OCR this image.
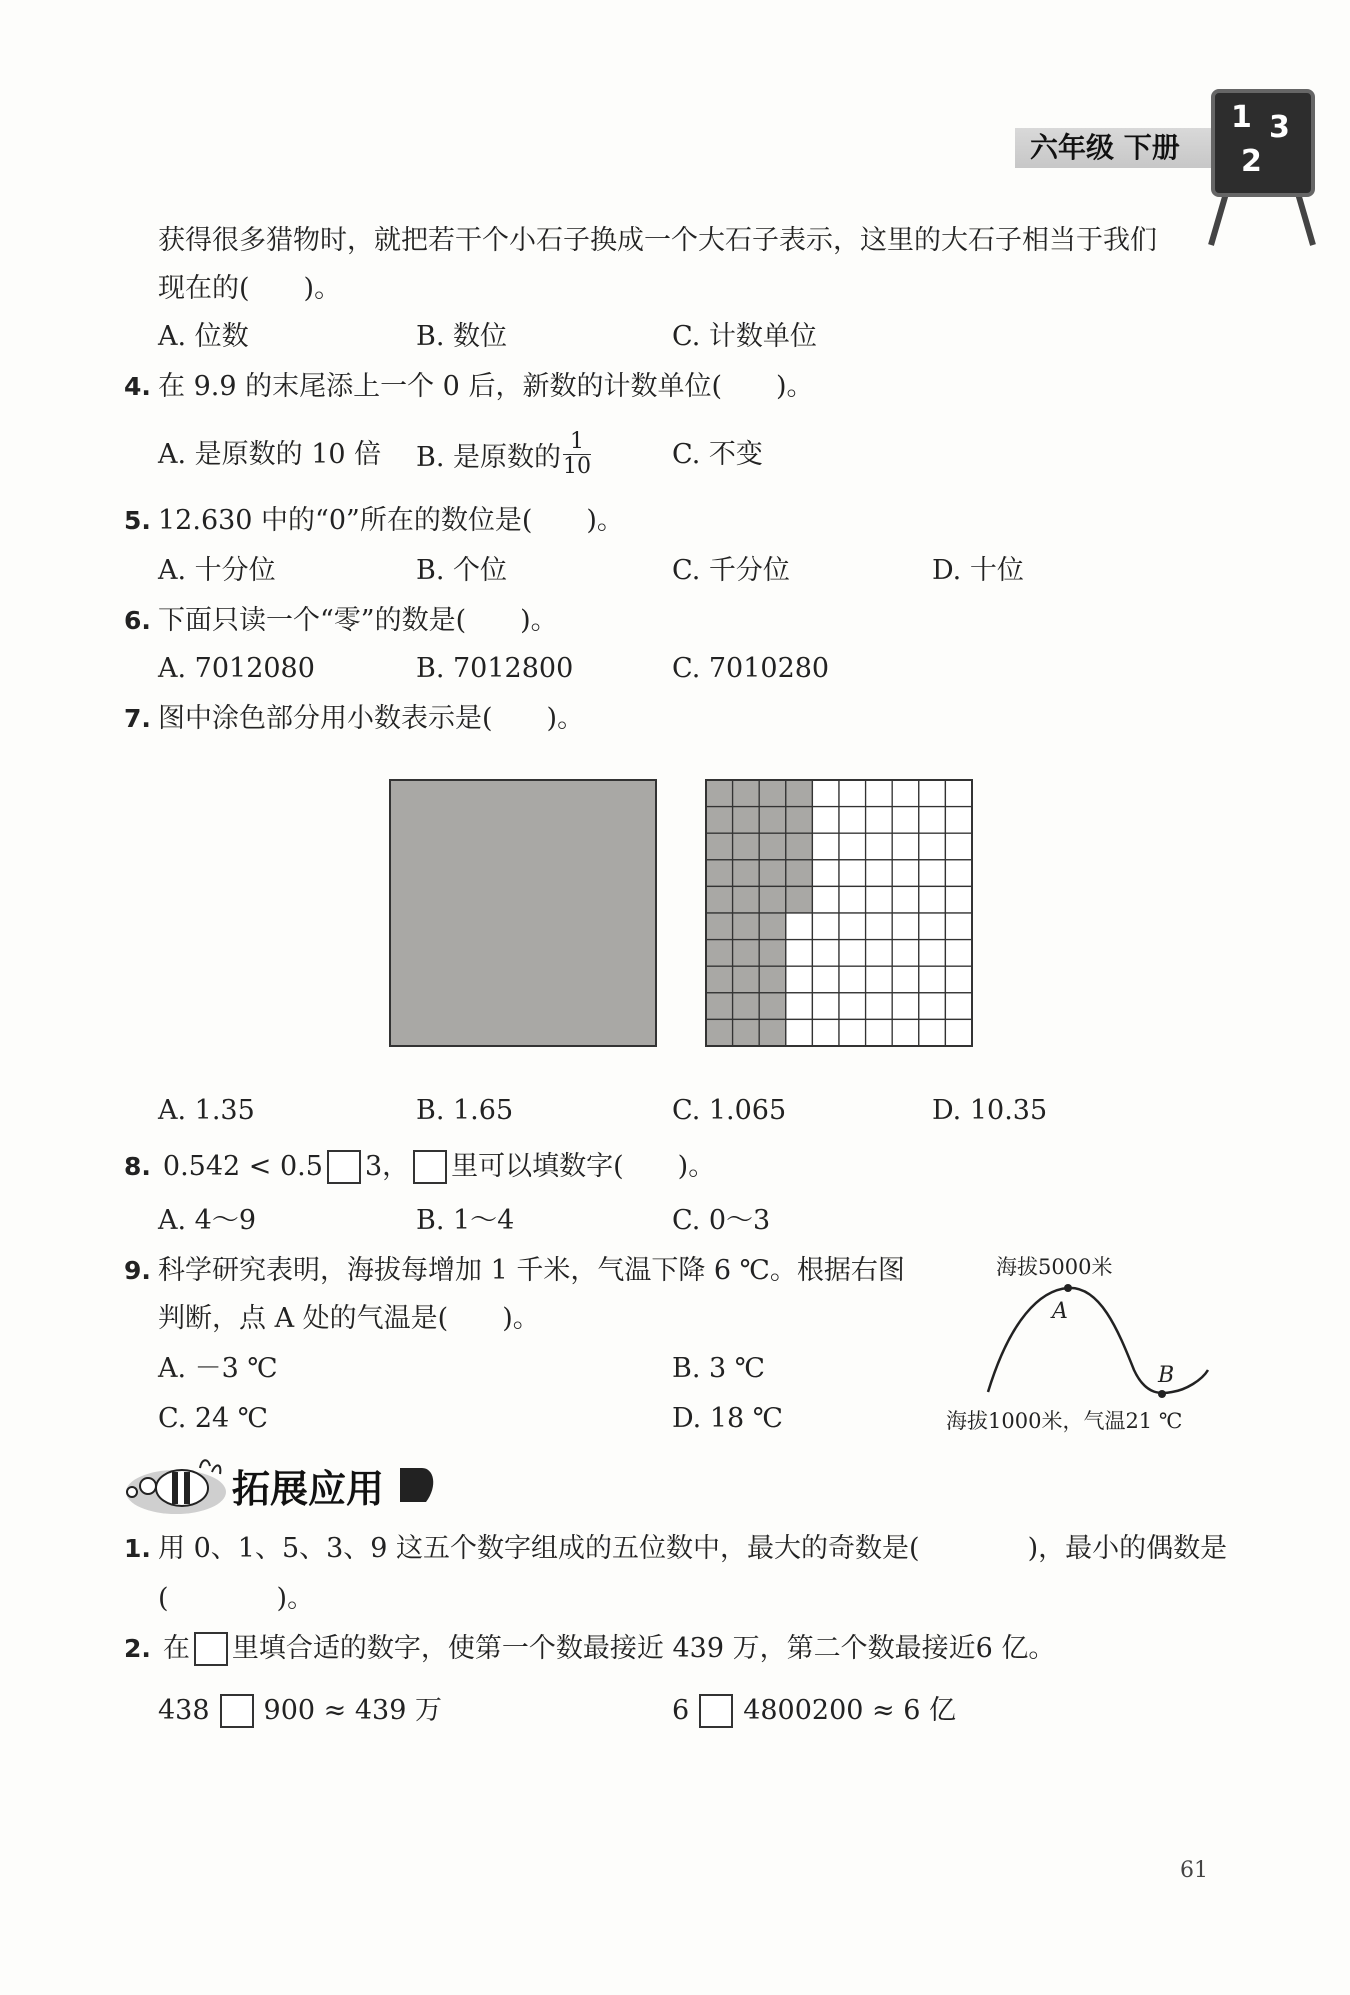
六年级 下册
1 3
2
获得很多猎物时，就把若干个小石子换成一个大石子表示，这里的大石子相当于我们
现在的(　　)。
A. 位数	B. 数位	C. 计数单位
4. 在 9.9 的末尾添上一个 0 后，新数的计数单位(　　)。
A. 是原数的 10 倍 B. 是原数的 $\frac{1}{10}$	C. 不变
5. 12.630 中的“0”所在的数位是(　　)。
A. 十分位	B. 个位	C. 千分位	D. 十位
6. 下面只读一个“零”的数是(　　)。
A. 7012080	B. 7012800	C. 7010280
7. 图中涂色部分用小数表示是(　　)。
A. 1.35	B. 1.65	C. 1.065	D. 10.35
8. 0.542 < 0.5 3， 里可以填数字(　　)。
A. 4～9	B. 1～4	C. 0～3
9. 科学研究表明，海拔每增加 1 千米，气温下降 6 ℃。根据右图
判断，点 A 处的气温是(　　)。
A. －3 ℃	B. 3 ℃
C. 24 ℃	D. 18 ℃
海拔5000米
A
B
海拔1000米，气温21 ℃
拓展应用
1. 用 0、1、5、3、9 这五个数字组成的五位数中，最大的奇数是(　　　　)，最小的偶数是
(　　　　)。
2. 在 里填合适的数字，使第一个数最接近 439 万，第二个数最接近6 亿。
438 900 ≈ 439 万	6 4800200 ≈ 6 亿
61
